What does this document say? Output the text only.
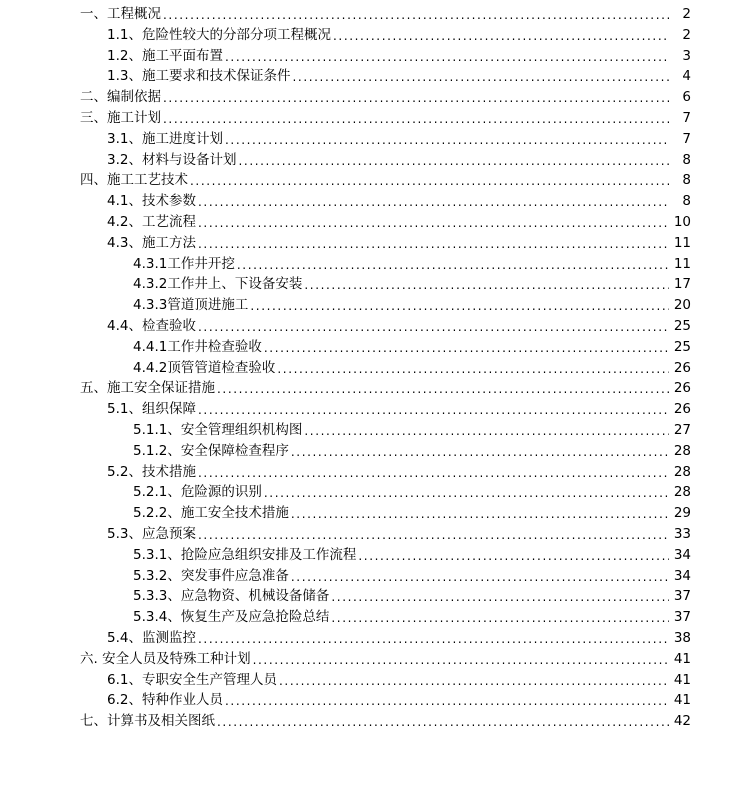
一、工程概况 .....	2
1.1、危险性较大的分部分项工程概况 .....	2
1.2、施工平面布置 .....	3
1.3、施工要求和技术保证条件 .....	4
二、编制依据 .....	6
三、施工计划 .....	7
3.1、施工进度计划 .....	7
3.2、材料与设备计划 .....	8
四、施工工艺技术 .....	8
4.1、技术参数 .....	8
4.2、工艺流程 .....	10
4.3、施工方法 .....	11
4.3.1工作井开挖 .....	11
4.3.2工作井上、下设备安装 .....	17
4.3.3管道顶进施工 .....	20
4.4、检查验收 .....	25
4.4.1工作井检查验收 .....	25
4.4.2顶管管道检查验收 .....	26
五、施工安全保证措施 .....	26
5.1、组织保障 .....	26
5.1.1、安全管理组织机构图 .....	27
5.1.2、安全保障检查程序 .....	28
5.2、技术措施 .....	28
5.2.1、危险源的识别 .....	28
5.2.2、施工安全技术措施 .....	29
5.3、应急预案 .....	33
5.3.1、抢险应急组织安排及工作流程 .....	34
5.3.2、突发事件应急准备 .....	34
5.3.3、应急物资、机械设备储备 .....	37
5.3.4、恢复生产及应急抢险总结 .....	37
5.4、监测监控 .....	38
六. 安全人员及特殊工种计划 .....	41
6.1、专职安全生产管理人员 .....	41
6.2、特种作业人员 .....	41
七、计算书及相关图纸 .....	42
